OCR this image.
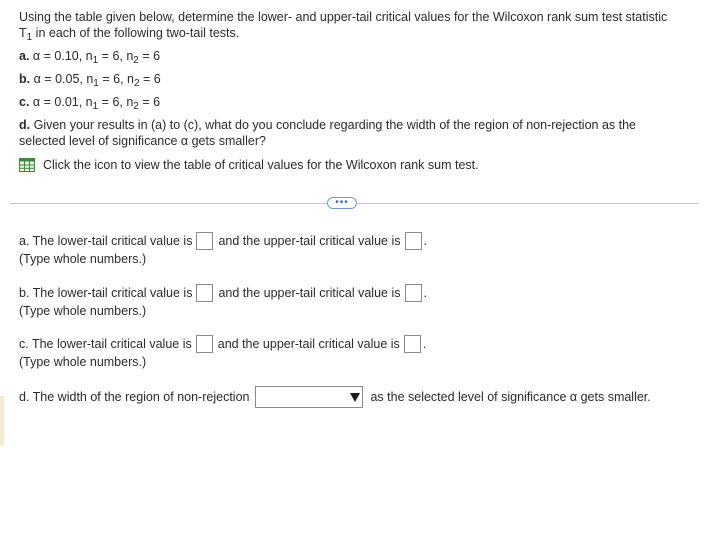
Using the table given below, determine the lower- and upper-tail critical values for the Wilcoxon rank sum test statistic
$T_1$ in each of the following two-tail tests.
a. α = 0.10, $n_1 = 6$, $n_2 = 6$
b. α = 0.05, $n_1 = 6$, $n_2 = 6$
c. α = 0.01, $n_1 = 6$, $n_2 = 6$
d. Given your results in (a) to (c), what do you conclude regarding the width of the region of non-rejection as the
selected level of significance α gets smaller?
Click the icon to view the table of critical values for the Wilcoxon rank sum test.
•••
a. The lower-tail critical value is and the upper-tail critical value is .
(Type whole numbers.)
b. The lower-tail critical value is and the upper-tail critical value is .
(Type whole numbers.)
c. The lower-tail critical value is and the upper-tail critical value is .
(Type whole numbers.)
d. The width of the region of non-rejection	as the selected level of significance α gets smaller.
